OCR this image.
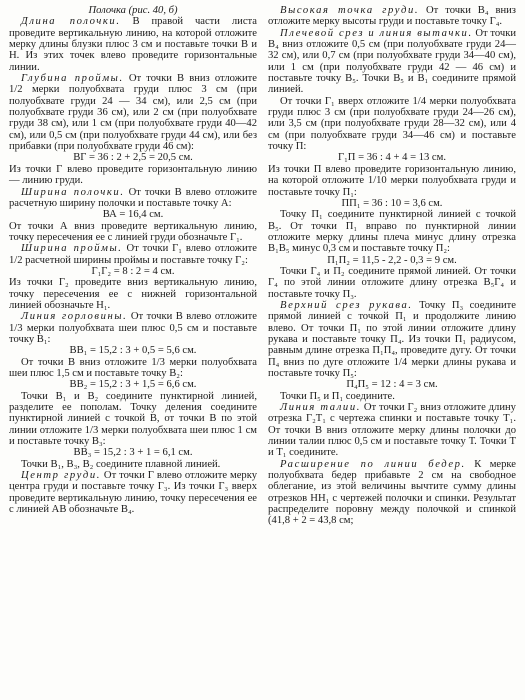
Полочка (рис. 40, б)

Длина полочки. В правой части листа проведите вертикальную линию, на которой отложите мерку длины блузки плюс 3 см и поставьте точки В и Н. Из этих точек влево проведите горизонтальные линии.

Глубина проймы. От точки В вниз отложите 1/2 мерки полуобхвата груди плюс 3 см (при полуобхвате груди 24 — 34 см), или 2,5 см (при полуобхвате груди 36 см), или 2 см (при полуобхвате груди 38 см), или 1 см (при полуобхвате груди 40—42 см), или 0,5 см (при полуобхвате груди 44 см), или без прибавки (при полуобхвате груди 46 см):

ВГ = 36 : 2 + 2,5 = 20,5 см.

Из точки Г влево проведите горизонтальную линию — линию груди.

Ширина полочки. От точки В влево отложите расчетную ширину полочки и поставьте точку А:

ВА = 16,4 см.

От точки А вниз проведите вертикальную линию, точку пересечения ее с линией груди обозначьте Г₁.

Ширина проймы. От точки Г₁ влево отложите 1/2 расчетной ширины проймы и поставьте точку Г₂:

Г₁Г₂ = 8 : 2 = 4 см.

Из точки Г₂ проведите вниз вертикальную линию, точку пересечения ее с нижней горизонтальной линией обозначьте Н₁.

Линия горловины. От точки В влево отложите 1/3 мерки полуобхвата шеи плюс 0,5 см и поставьте точку В₁:

ВВ₁ = 15,2 : 3 + 0,5 = 5,6 см.

От точки В вниз отложите 1/3 мерки полуобхвата шеи плюс 1,5 см и поставьте точку В₂:

ВВ₂ = 15,2 : 3 + 1,5 = 6,6 см.

Точки В₁ и В₂ соедините пунктирной линией, разделите ее пополам. Точку деления соедините пунктирной линией с точкой В, от точки В по этой линии отложите 1/3 мерки полуобхвата шеи плюс 1 см и поставьте точку В₃:

ВВ₃ = 15,2 : 3 + 1 = 6,1 см.

Точки В₁, В₃, В₂ соедините плавной линией.

Центр груди. От точки Г влево отложите мерку центра груди и поставьте точку Г₃. Из точки Г₃ вверх проведите вертикальную линию, точку пересечения ее с линией АВ обозначьте В₄.

Высокая точка груди. От точки В₄ вниз отложите мерку высоты груди и поставьте точку Г₄.

Плечевой срез и линия вытачки. От точки В₄ вниз отложите 0,5 см (при полуобхвате груди 24—32 см), или 0,7 см (при полуобхвате груди 34—40 см), или 1 см (при полуобхвате груди 42 — 46 см) и поставьте точку В₅. Точки В₅ и В₁ соедините прямой линией.

От точки Г₁ вверх отложите 1/4 мерки полуобхвата груди плюс 3 см (при полуобхвате груди 24—26 см), или 3,5 см (при полуобхвате груди 28—32 см), или 4 см (при полуобхвате груди 34—46 см) и поставьте точку П:

Г₁П = 36 : 4 + 4 = 13 см.

Из точки П влево проведите горизонтальную линию, на которой отложите 1/10 мерки полуобхвата груди и поставьте точку П₁:

ПП₁ = 36 : 10 = 3,6 см.

Точку П₁ соедините пунктирной линией с точкой В₅. От точки П₁ вправо по пунктирной линии отложите мерку длины плеча минус длину отрезка В₁В₅ минус 0,3 см и поставьте точку П₂:

П₁П₂ = 11,5 - 2,2 - 0,3 = 9 см.

Точки Г₄ и П₂ соедините прямой линией. От точки Г₄ по этой линии отложите длину отрезка В₅Г₄ и поставьте точку П₃.

Верхний срез рукава. Точку П₃ соедините прямой линией с точкой П₁ и продолжите линию влево. От точки П₁ по этой линии отложите длину рукава и поставьте точку П₄. Из точки П₁ радиусом, равным длине отрезка П₁П₄, проведите дугу. От точки П₄ вниз по дуге отложите 1/4 мерки длины рукава и поставьте точку П₅:

П₄П₅ = 12 : 4 = 3 см.

Точки П₅ и П₁ соедините.

Линия талии. От точки Г₂ вниз отложите длину отрезка Г₂Т₁ с чертежа спинки и поставьте точку Т₁. От точки В вниз отложите мерку длины полочки до линии талии плюс 0,5 см и поставьте точку Т. Точки Т и Т₁ соедините.

Расширение по линии бедер. К мерке полуобхвата бедер прибавьте 2 см на свободное облегание, из этой величины вычтите сумму длины отрезков НН₁ с чертежей полочки и спинки. Результат распределите поровну между полочкой и спинкой (41,8 + 2 = 43,8 см;
